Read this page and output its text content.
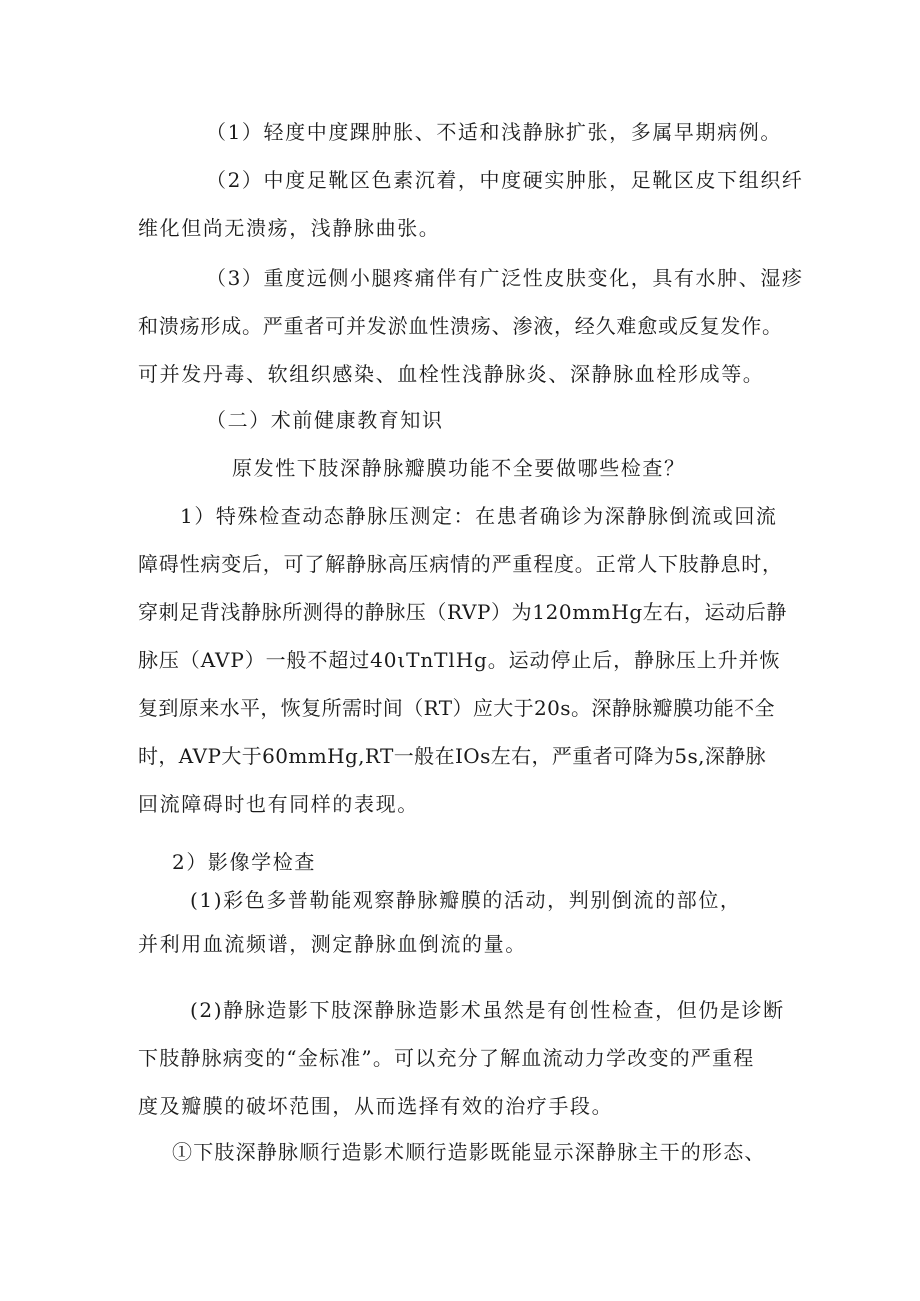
（1）轻度中度踝肿胀、不适和浅静脉扩张，多属早期病例。
（2）中度足靴区色素沉着，中度硬实肿胀，足靴区皮下组织纤
维化但尚无溃疡，浅静脉曲张。
（3）重度远侧小腿疼痛伴有广泛性皮肤变化，具有水肿、湿疹
和溃疡形成。严重者可并发淤血性溃疡、渗液，经久难愈或反复发作。
可并发丹毒、软组织感染、血栓性浅静脉炎、深静脉血栓形成等。
（二）术前健康教育知识
原发性下肢深静脉瓣膜功能不全要做哪些检查？
1）特殊检查动态静脉压测定：在患者确诊为深静脉倒流或回流
障碍性病变后，可了解静脉高压病情的严重程度。正常人下肢静息时，
穿刺足背浅静脉所测得的静脉压（RVP）为120mmHg左右，运动后静
脉压（AVP）一般不超过40ιTnTlHg。运动停止后，静脉压上升并恢
复到原来水平，恢复所需时间（RT）应大于20s。深静脉瓣膜功能不全
时，AVP大于60mmHg,RT一般在IOs左右，严重者可降为5s,深静脉
回流障碍时也有同样的表现。
2）影像学检查
(1)彩色多普勒能观察静脉瓣膜的活动，判别倒流的部位，
并利用血流频谱，测定静脉血倒流的量。
(2)静脉造影下肢深静脉造影术虽然是有创性检查，但仍是诊断
下肢静脉病变的“金标准”。可以充分了解血流动力学改变的严重程
度及瓣膜的破坏范围，从而选择有效的治疗手段。
①下肢深静脉顺行造影术顺行造影既能显示深静脉主干的形态、
